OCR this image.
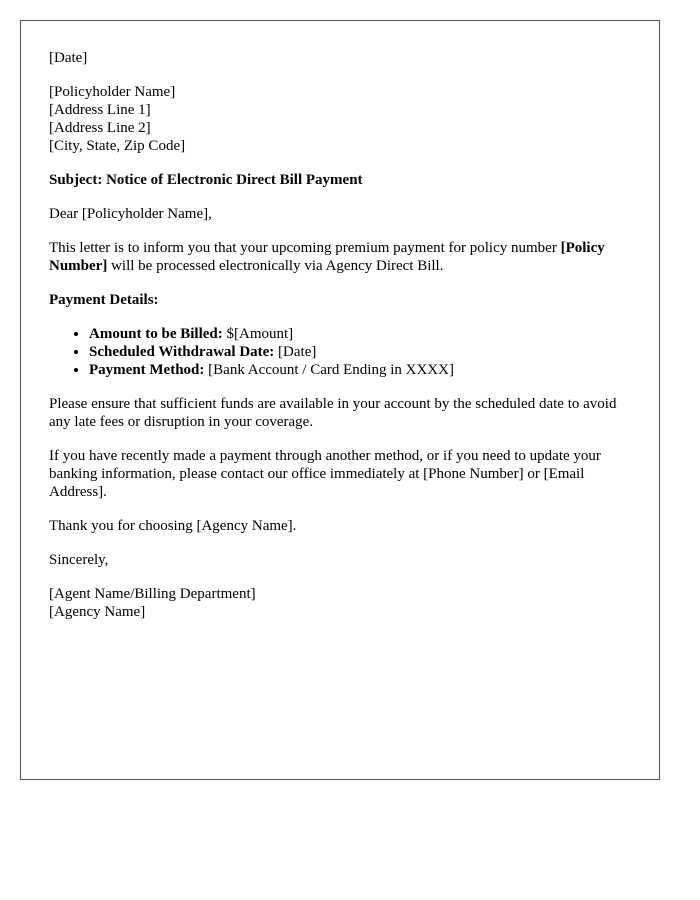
[Date]

[Policyholder Name]
[Address Line 1]
[Address Line 2]
[City, State, Zip Code]

Subject: Notice of Electronic Direct Bill Payment

Dear [Policyholder Name],

This letter is to inform you that your upcoming premium payment for policy number [Policy Number] will be processed electronically via Agency Direct Bill.

Payment Details:

• Amount to be Billed: $[Amount]
• Scheduled Withdrawal Date: [Date]
• Payment Method: [Bank Account / Card Ending in XXXX]

Please ensure that sufficient funds are available in your account by the scheduled date to avoid any late fees or disruption in your coverage.

If you have recently made a payment through another method, or if you need to update your banking information, please contact our office immediately at [Phone Number] or [Email Address].

Thank you for choosing [Agency Name].

Sincerely,

[Agent Name/Billing Department]
[Agency Name]
